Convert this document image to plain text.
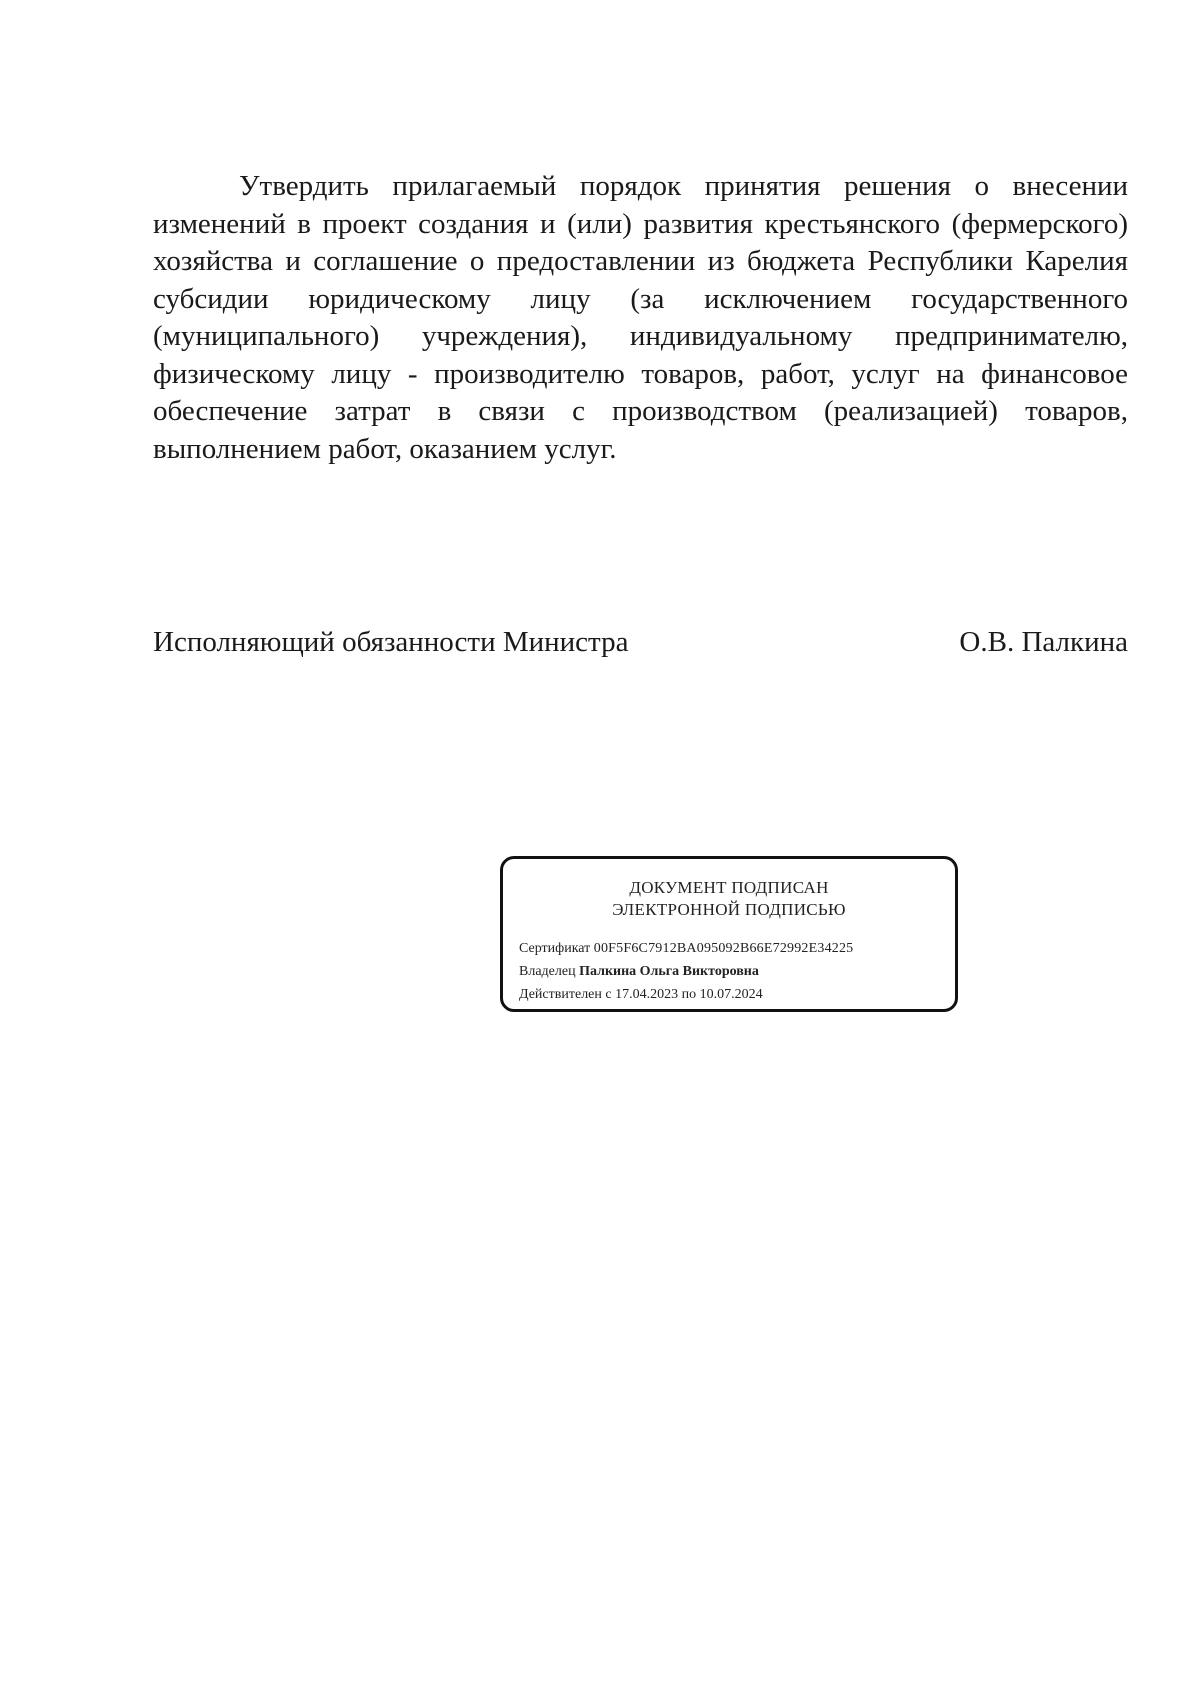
Утвердить прилагаемый порядок принятия решения о внесении изменений в проект создания и (или) развития крестьянского (фермерского) хозяйства и соглашение о предоставлении из бюджета Республики Карелия субсидии юридическому лицу (за исключением государственного (муниципального) учреждения), индивидуальному предпринимателю, физическому лицу - производителю товаров, работ, услуг на финансовое обеспечение затрат в связи с производством (реализацией) товаров, выполнением работ, оказанием услуг.

Исполняющий обязанности Министра	О.В. Палкина
ДОКУМЕНТ ПОДПИСАН
ЭЛЕКТРОННОЙ ПОДПИСЬЮ
Сертификат 00F5F6C7912BA095092B66E72992E34225
Владелец Палкина Ольга Викторовна
Действителен с 17.04.2023 по 10.07.2024
